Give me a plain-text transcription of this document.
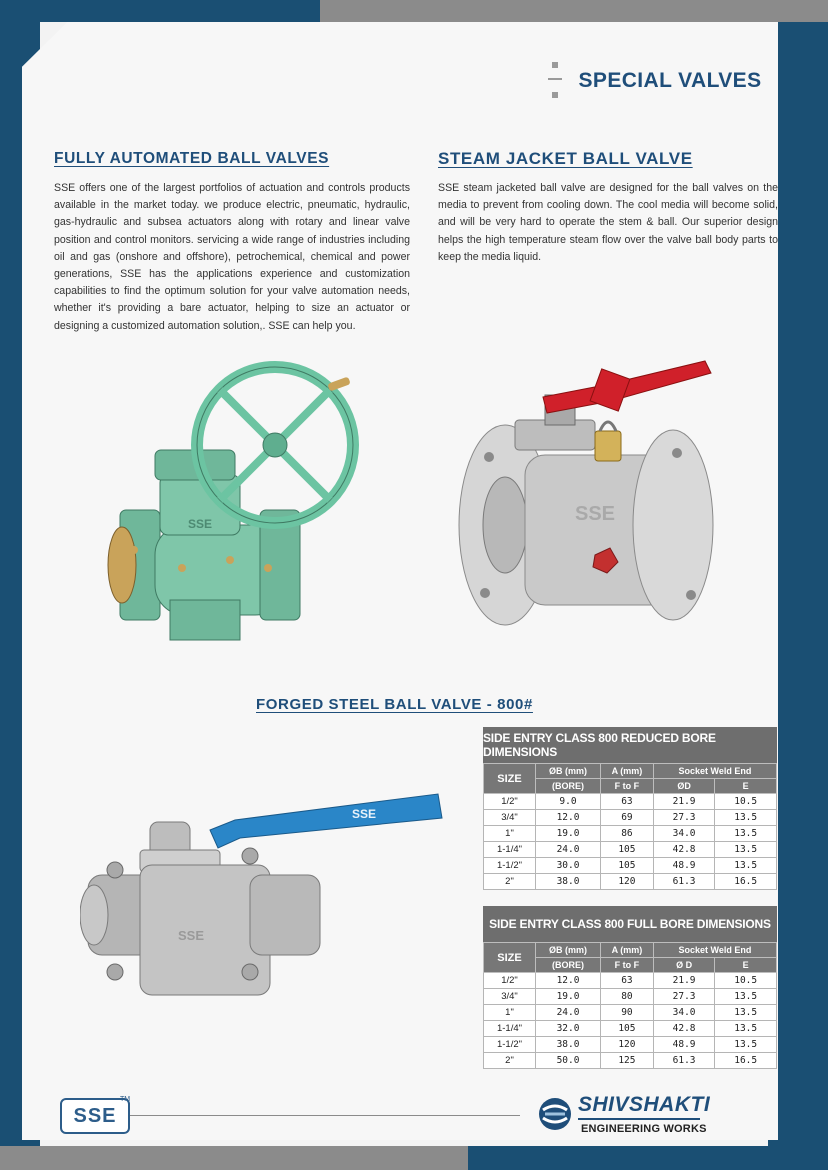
SPECIAL VALVES
FULLY AUTOMATED BALL VALVES
SSE offers one of the largest portfolios of actuation and controls products available in the market today. we produce electric, pneumatic, hydraulic, gas-hydraulic and subsea actuators along with rotary and linear valve position and control monitors. servicing a wide range of industries including oil and gas (onshore and offshore), petrochemical, chemical and power generations, SSE has the applications experience and customization capabilities to find the optimum solution for your valve automation needs, whether it's providing a bare actuator, helping to size an actuator or designing a customized automation solution,. SSE can help you.
STEAM JACKET BALL VALVE
SSE steam jacketed ball valve are designed for the ball valves on the media to prevent from cooling down. The cool media will become solid, and will be very hard to operate the stem & ball. Our superior design helps the high temperature steam flow over the valve ball body parts to keep the media liquid.
SSE	SSE
FORGED STEEL BALL VALVE - 800#
SSE
SSE
SIDE ENTRY CLASS 800 REDUCED BORE DIMENSIONS
SIZE	ØB (mm)	A (mm)	Socket Weld End	
	(BORE)	F to F	ØD	E
1/2"	9.0	63	21.9	10.5
3/4"	12.0	69	27.3	13.5
1"	19.0	86	34.0	13.5
1-1/4"	24.0	105	42.8	13.5
1-1/2"	30.0	105	48.9	13.5
2"	38.0	120	61.3	16.5
SIDE ENTRY CLASS 800 FULL BORE DIMENSIONS
SIZE	ØB (mm)	A (mm)	Socket Weld End	
	(BORE)	F to F	Ø D	E
1/2"	12.0	63	21.9	10.5
3/4"	19.0	80	27.3	13.5
1"	24.0	90	34.0	13.5
1-1/4"	32.0	105	42.8	13.5
1-1/2"	38.0	120	48.9	13.5
2"	50.0	125	61.3	16.5
SSE
TM	SHIVSHAKTI
ENGINEERING WORKS
